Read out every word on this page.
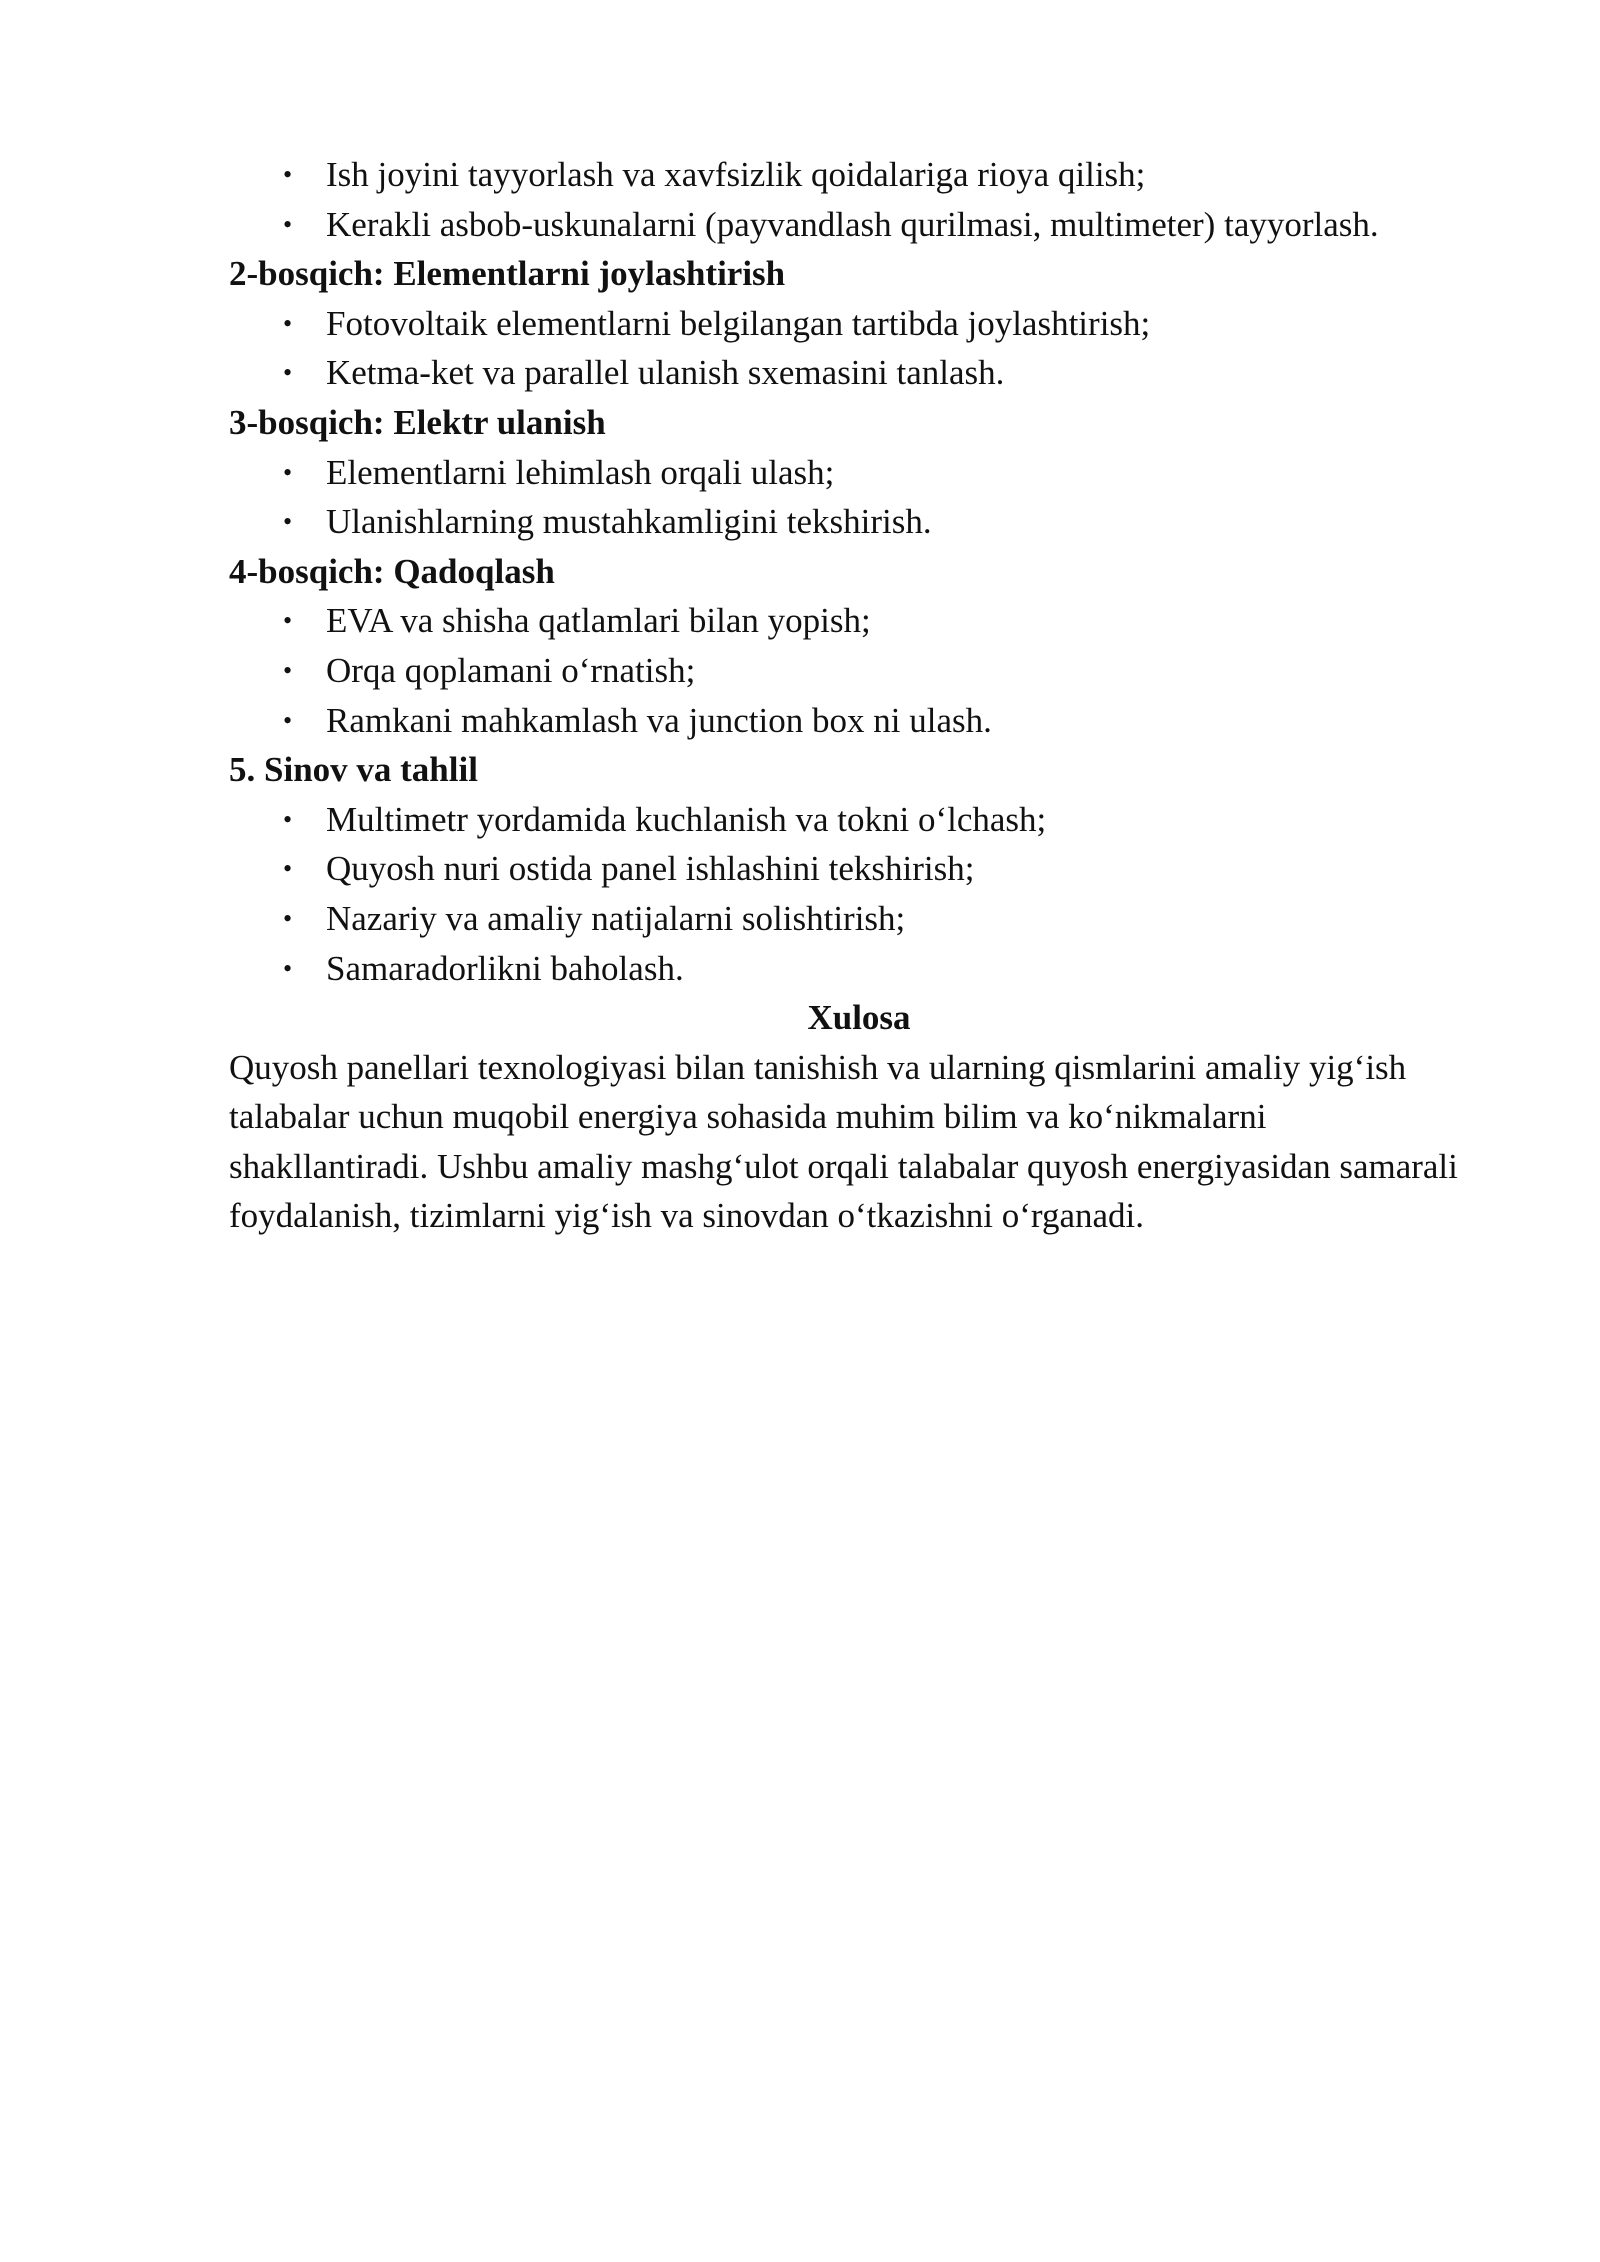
• Ish joyini tayyorlash va xavfsizlik qoidalariga rioya qilish;
• Kerakli asbob-uskunalarni (payvandlash qurilmasi, multimeter) tayyorlash.
2-bosqich: Elementlarni joylashtirish
• Fotovoltaik elementlarni belgilangan tartibda joylashtirish;
• Ketma-ket va parallel ulanish sxemasini tanlash.
3-bosqich: Elektr ulanish
• Elementlarni lehimlash orqali ulash;
• Ulanishlarning mustahkamligini tekshirish.
4-bosqich: Qadoqlash
• EVA va shisha qatlamlari bilan yopish;
• Orqa qoplamani o‘rnatish;
• Ramkani mahkamlash va junction box ni ulash.
5. Sinov va tahlil
• Multimetr yordamida kuchlanish va tokni o‘lchash;
• Quyosh nuri ostida panel ishlashini tekshirish;
• Nazariy va amaliy natijalarni solishtirish;
• Samaradorlikni baholash.
Xulosa

Quyosh panellari texnologiyasi bilan tanishish va ularning qismlarini amaliy yig‘ish talabalar uchun muqobil energiya sohasida muhim bilim va ko‘nikmalarni shakllantiradi. Ushbu amaliy mashg‘ulot orqali talabalar quyosh energiyasidan samarali foydalanish, tizimlarni yig‘ish va sinovdan o‘tkazishni o‘rganadi.
